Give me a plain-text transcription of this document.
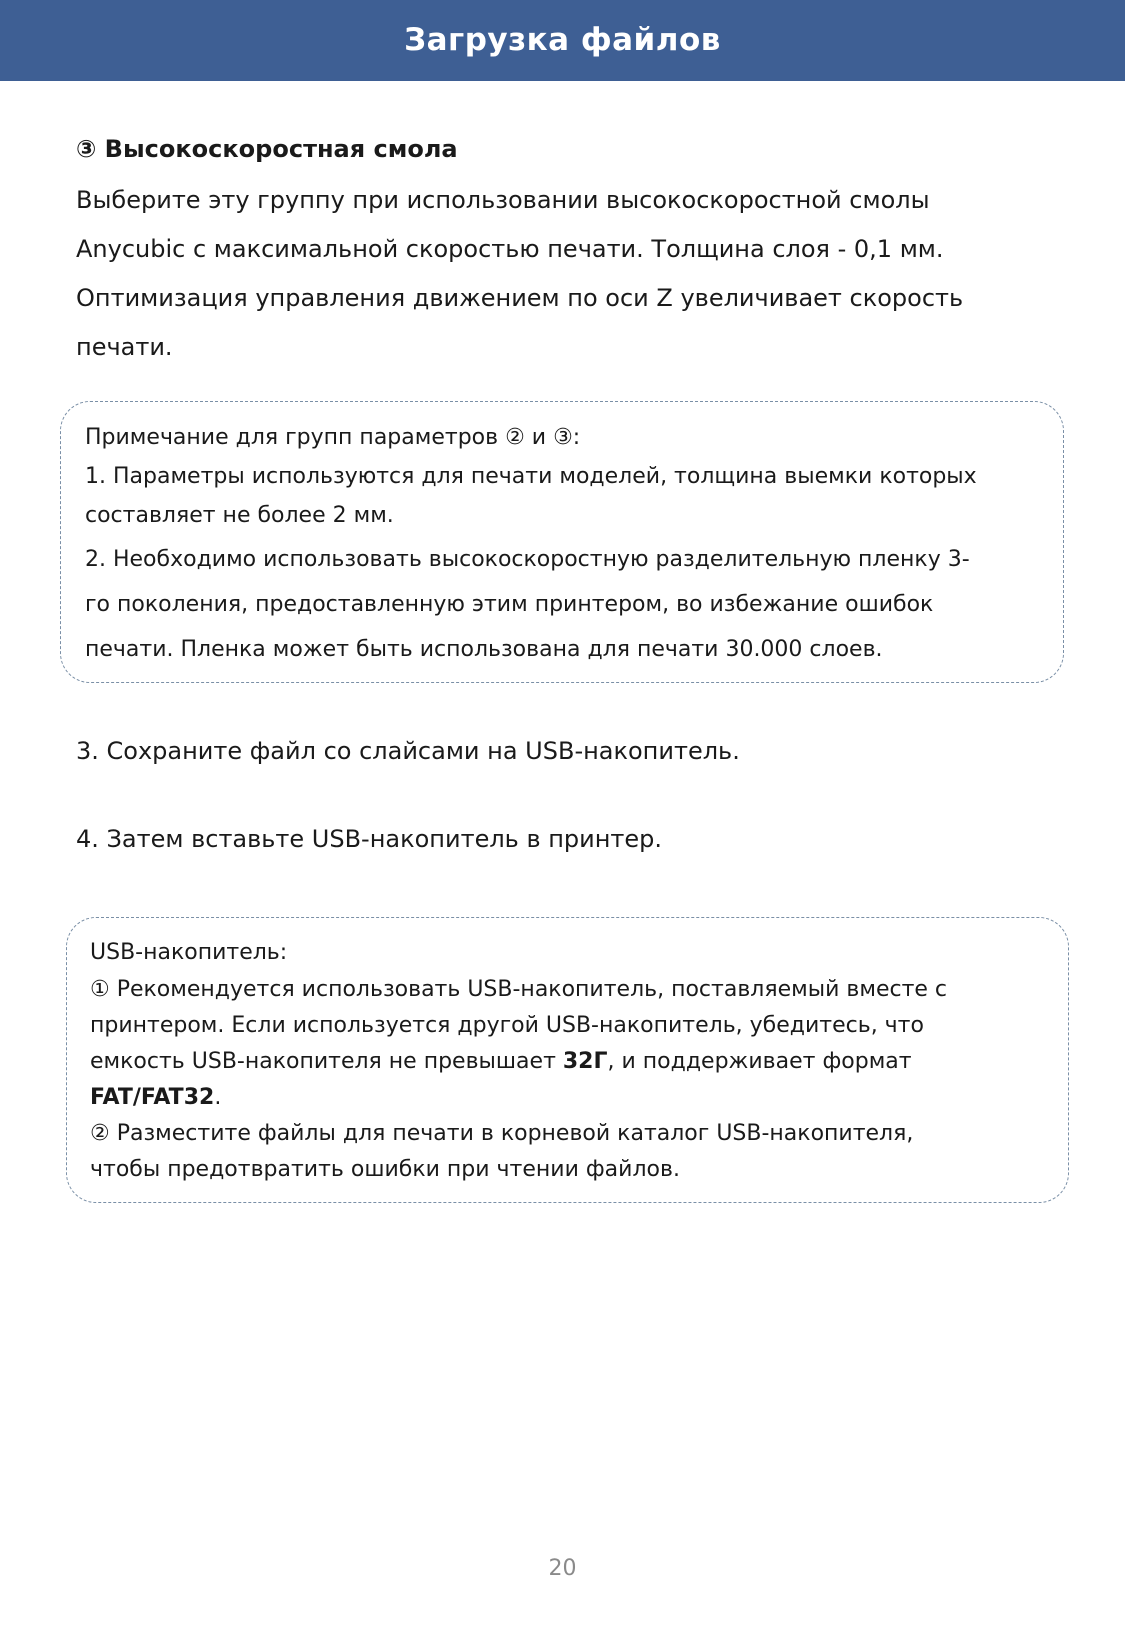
Загрузка файлов
③ Высокоскоростная смола
Выберите эту группу при использовании высокоскоростной смолы
Anycubic с максимальной скоростью печати. Толщина слоя - 0,1 мм.
Оптимизация управления движением по оси Z увеличивает скорость
печати.
Примечание для групп параметров ② и ③:
1. Параметры используются для печати моделей, толщина выемки которых
составляет не более 2 мм.
2. Необходимо использовать высокоскоростную разделительную пленку 3-
го поколения, предоставленную этим принтером, во избежание ошибок
печати. Пленка может быть использована для печати 30.000 слоев.
3. Сохраните файл со слайсами на USB-накопитель.
4. Затем вставьте USB-накопитель в принтер.
USB-накопитель:
① Рекомендуется использовать USB-накопитель, поставляемый вместе с
принтером. Если используется другой USB-накопитель, убедитесь, что
емкость USB-накопителя не превышает 32Г, и поддерживает формат
FAT/FAT32.
② Разместите файлы для печати в корневой каталог USB-накопителя,
чтобы предотвратить ошибки при чтении файлов.
20
